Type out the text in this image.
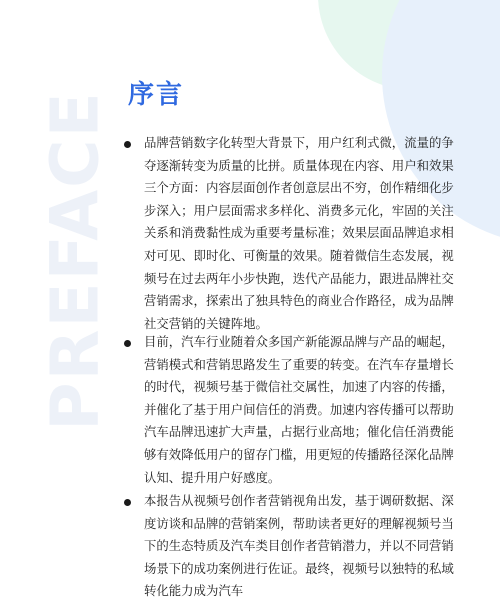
PREFACE 序言
品牌营销数字化转型大背景下，用户红利式微，流量的争夺逐渐转变为质量的比拼。质量体现在内容、用户和效果三个方面：内容层面创作者创意层出不穷，创作精细化步步深入；用户层面需求多样化、消费多元化，牢固的关注关系和消费黏性成为重要考量标准；效果层面品牌追求相对可见、即时化、可衡量的效果。随着微信生态发展，视频号在过去两年小步快跑，迭代产品能力，跟进品牌社交营销需求，探索出了独具特色的商业合作路径，成为品牌社交营销的关键阵地。
目前，汽车行业随着众多国产新能源品牌与产品的崛起，营销模式和营销思路发生了重要的转变。在汽车存量增长的时代，视频号基于微信社交属性，加速了内容的传播，并催化了基于用户间信任的消费。加速内容传播可以帮助汽车品牌迅速扩大声量，占据行业高地；催化信任消费能够有效降低用户的留存门槛，用更短的传播路径深化品牌认知、提升用户好感度。
本报告从视频号创作者营销视角出发，基于调研数据、深度访谈和品牌的营销案例，帮助读者更好的理解视频号当下的生态特质及汽车类目创作者营销潜力，并以不同营销场景下的成功案例进行佐证。最终，视频号以独特的私域转化能力成为汽车
